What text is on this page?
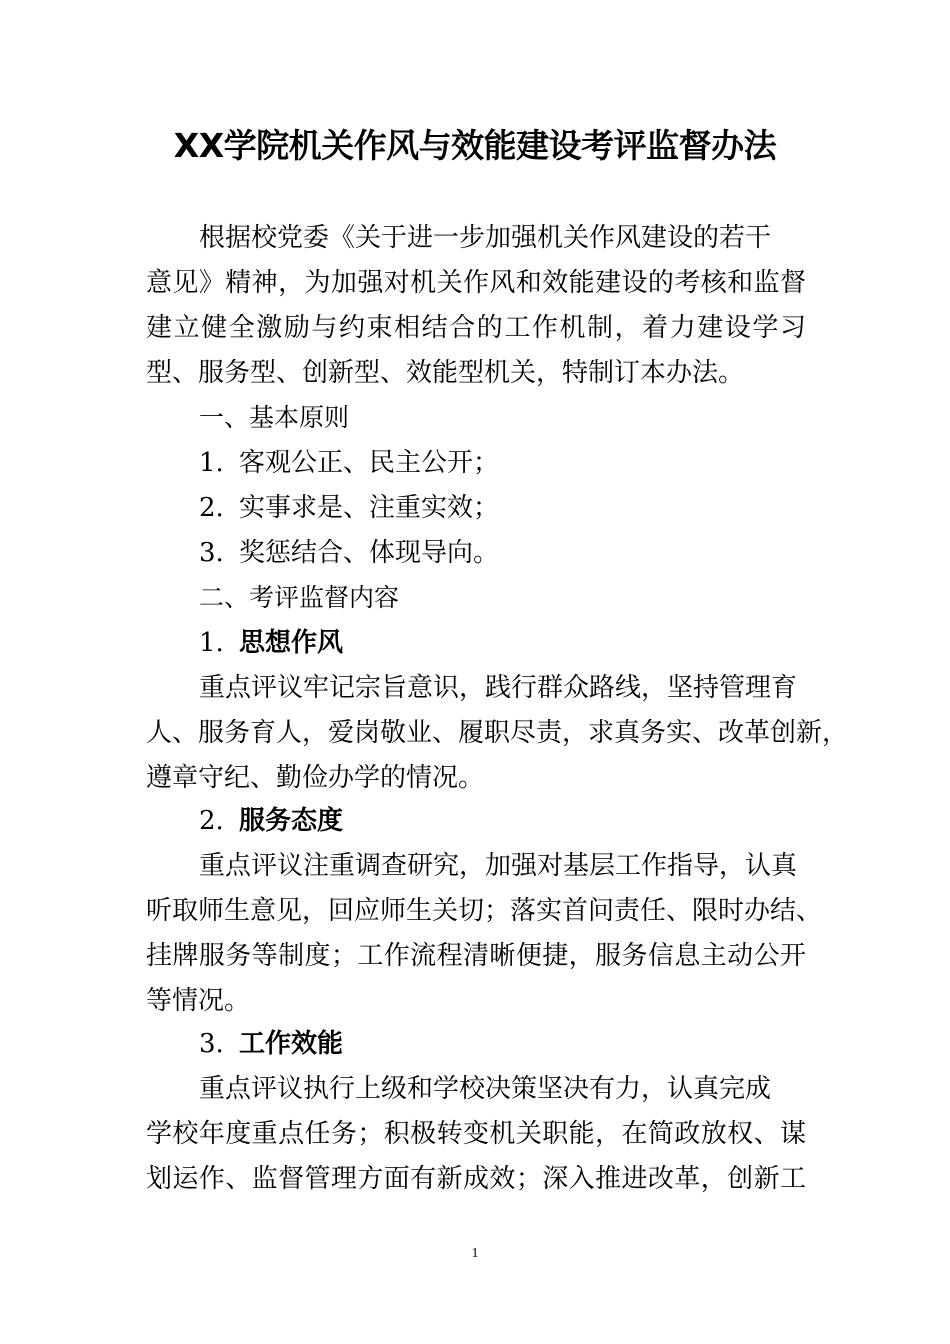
XX学院机关作风与效能建设考评监督办法
根据校党委《关于进一步加强机关作风建设的若干
意见》精神，为加强对机关作风和效能建设的考核和监督
建立健全激励与约束相结合的工作机制，着力建设学习
型、服务型、创新型、效能型机关，特制订本办法。
一、基本原则
1. 客观公正、民主公开；
2. 实事求是、注重实效；
3. 奖惩结合、体现导向。
二、考评监督内容
1. 思想作风
重点评议牢记宗旨意识，践行群众路线，坚持管理育
人、服务育人，爱岗敬业、履职尽责，求真务实、改革创新，
遵章守纪、勤俭办学的情况。
2. 服务态度
重点评议注重调查研究，加强对基层工作指导，认真
听取师生意见，回应师生关切；落实首问责任、限时办结、
挂牌服务等制度；工作流程清晰便捷，服务信息主动公开
等情况。
3. 工作效能
重点评议执行上级和学校决策坚决有力，认真完成
学校年度重点任务；积极转变机关职能，在简政放权、谋
划运作、监督管理方面有新成效；深入推进改革，创新工
1
